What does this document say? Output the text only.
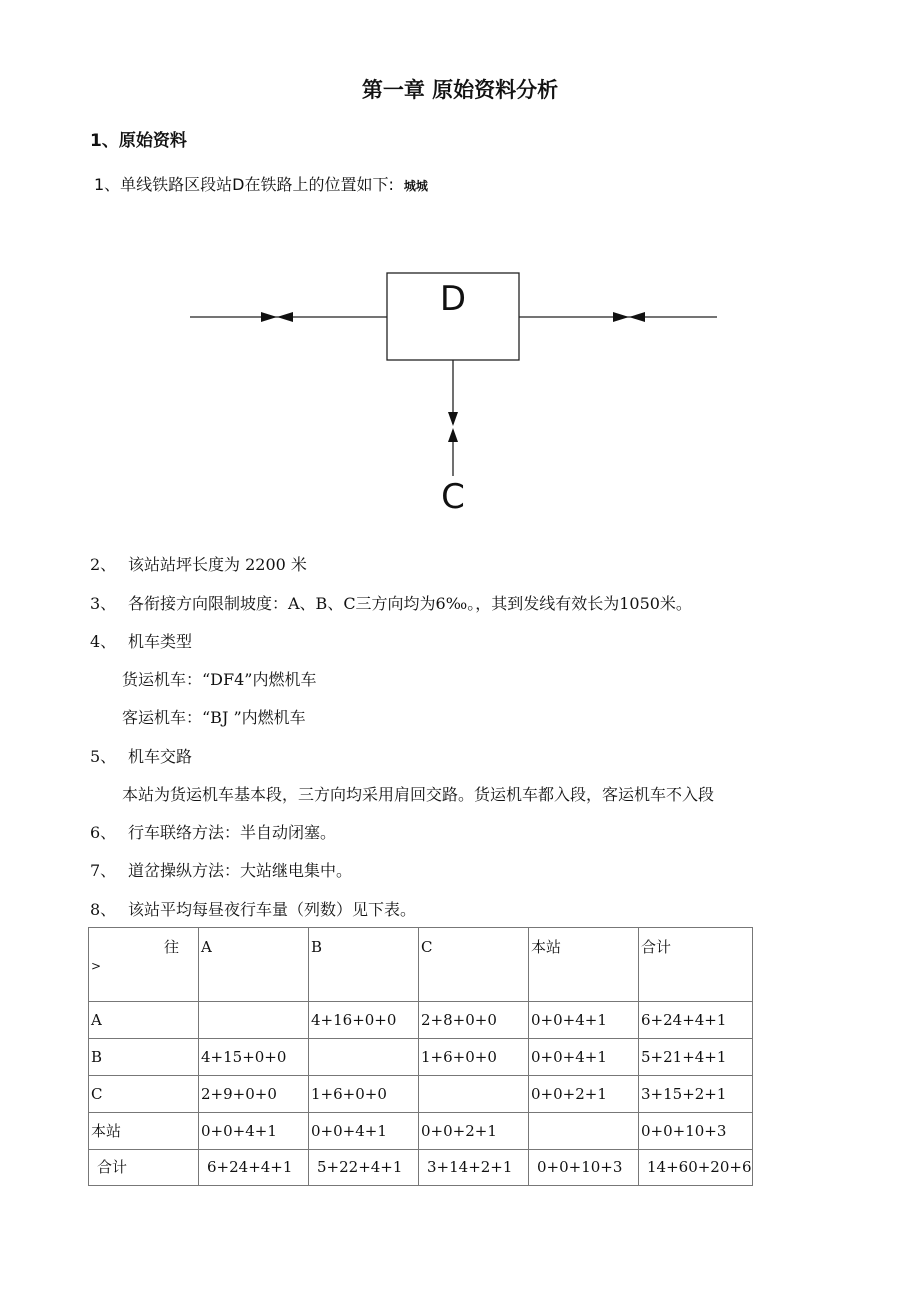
第一章 原始资料分析
1、原始资料
1、单线铁路区段站D在铁路上的位置如下: 城城
D
C
2、 该站站坪长度为 2200 米
3、 各衔接方向限制坡度：A、B、C三方向均为6‰。，其到发线有效长为1050米。
4、 机车类型
货运机车：“DF4”内燃机车
客运机车：“BJ ”内燃机车
5、 机车交路
本站为货运机车基本段，三方向均采用肩回交路。货运机车都入段，客运机车不入段
6、 行车联络方法：半自动闭塞。
7、 道岔操纵方法：大站继电集中。
8、 该站平均每昼夜行车量（列数）见下表。
往
>	A	B	C	本站	合计
A		4+16+0+0	2+8+0+0	0+0+4+1	6+24+4+1
B	4+15+0+0		1+6+0+0	0+0+4+1	5+21+4+1
C	2+9+0+0	1+6+0+0		0+0+2+1	3+15+2+1
本站	0+0+4+1	0+0+4+1	0+0+2+1		0+0+10+3
合计	6+24+4+1	5+22+4+1	3+14+2+1	0+0+10+3	14+60+20+6
